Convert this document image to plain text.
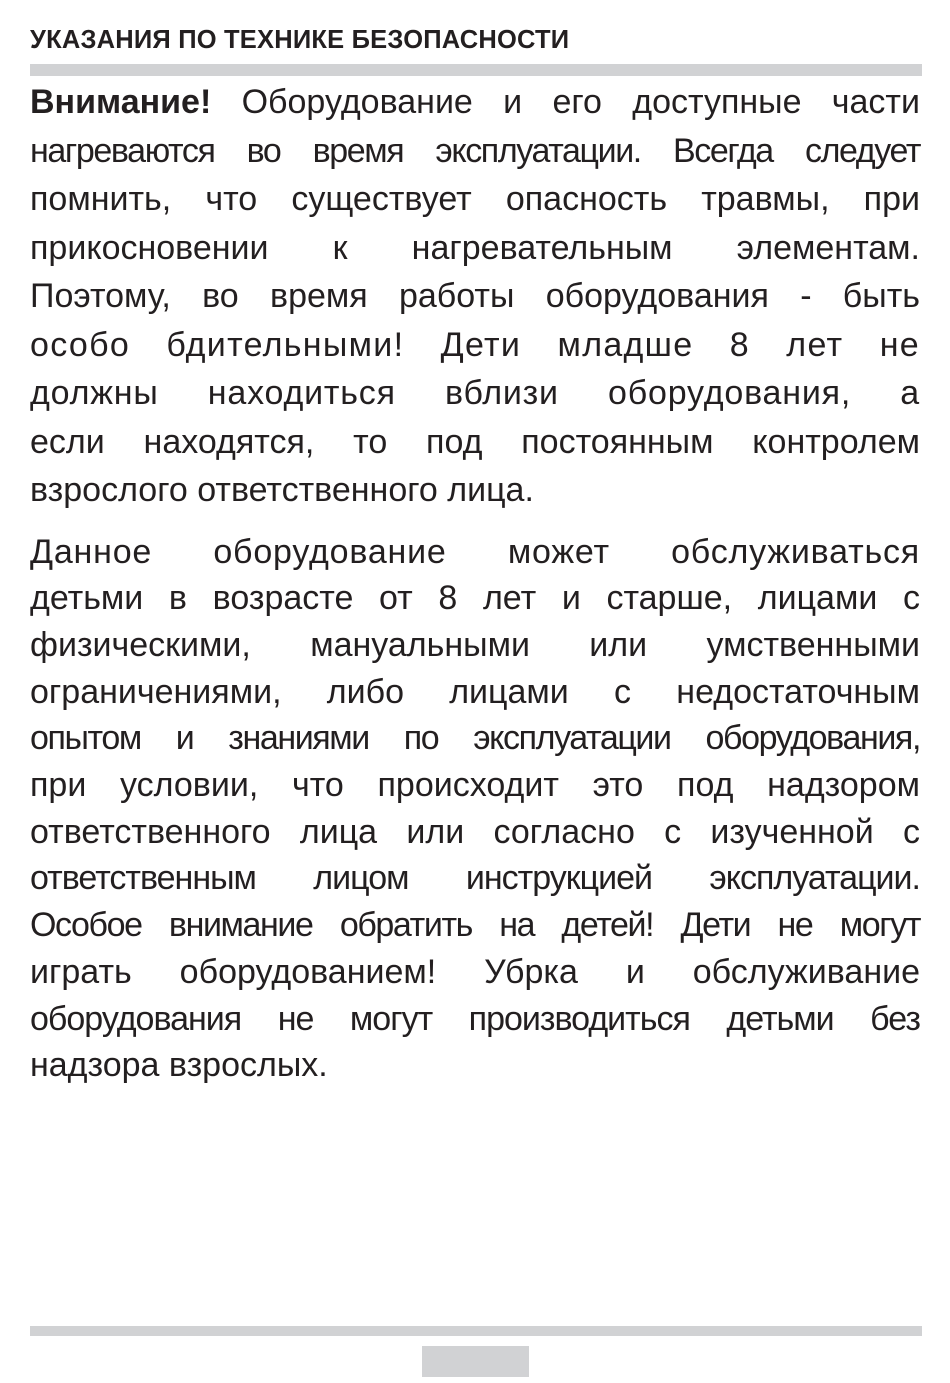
УКАЗАНИЯ ПО ТЕХНИКЕ БЕЗОПАСНОСТИ

Внимание! Оборудование и его доступные части
нагреваются во время эксплуатации. Всегда следует
помнить, что существует опасность травмы, при
прикосновении к нагревательным элементам.
Поэтому, во время работы оборудования - быть
особо бдительными! Дети младше 8 лет не
должны находиться вблизи оборудования, а
если находятся, то под постоянным контролем
взрослого ответственного лица.

Данное оборудование может обслуживаться
детьми в возрасте от 8 лет и старше, лицами с
физическими, мануальными или умственными
ограничениями, либо лицами с недостаточным
опытом и знаниями по эксплуатации оборудования,
при условии, что происходит это под надзором
ответственного лица или согласно с изученной с
ответственным лицом инструкцией эксплуатации.
Особое внимание обратить на детей! Дети не могут
играть оборудованием! Убрка и обслуживание
оборудования не могут производиться детьми без
надзора взрослых.
